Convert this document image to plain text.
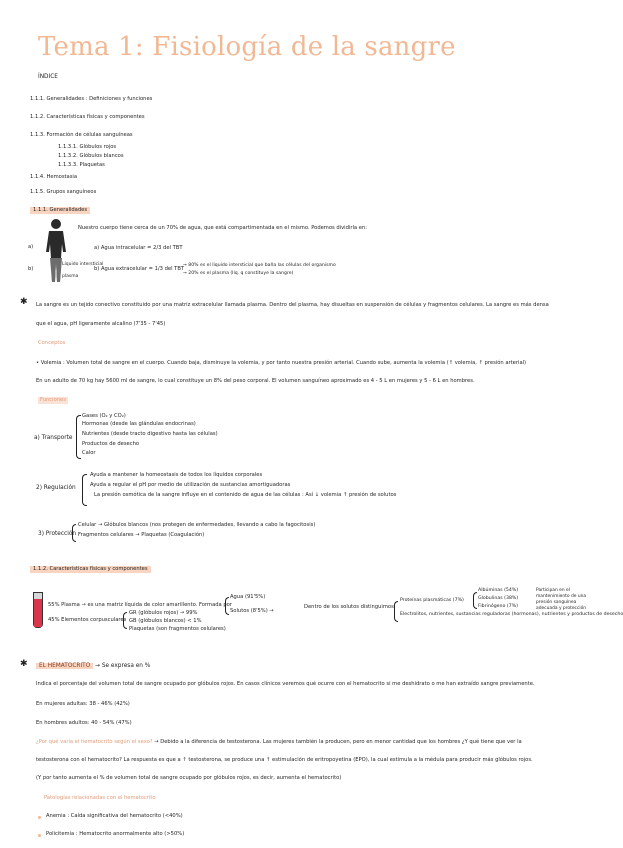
Tema 1: Fisiología de la sangre
ÍNDICE
1.1.1. Generalidades : Definiciones y funciones
1.1.2. Características físicas y componentes
1.1.3. Formación de células sanguíneas
1.1.3.1. Glóbulos rojos
1.1.3.2. Glóbulos blancos
1.1.3.3. Plaquetas
1.1.4. Hemostasia
1.1.5. Grupos sanguíneos
1.1.1. Generalidades
a)
b)
Líquido intersticial
plasma
Nuestro cuerpo tiene cerca de un 70% de agua, que está compartimentada en el mismo. Podemos dividirla en:
a) Agua intracelular = 2/3 del TBT
b) Agua extracelular = 1/3 del TBT
→ 80% es el líquido intersticial que baña las células del organismo
→ 20% es el plasma (líq. q constituye la sangre)
✱ La sangre es un tejido conectivo constituido por una matriz extracelular llamada plasma. Dentro del plasma, hay disueltas en suspensión de células y fragmentos celulares. La sangre es más densa
que el agua, pH ligeramente alcalino (7'35 - 7'45)
Conceptos
• Volemia : Volumen total de sangre en el cuerpo. Cuando baja, disminuye la volemia, y por tanto nuestra presión arterial. Cuando sube, aumenta la volemia (↑ volemia, ↑ presión arterial)
En un adulto de 70 kg hay 5600 ml de sangre, lo cual constituye un 8% del peso corporal. El volumen sanguíneo aproximado es 4 - 5 L en mujeres y 5 - 6 L en hombres.
Funciones
a) Transporte
Gases (O₂ y CO₂)
Hormonas (desde las glándulas endocrinas)
Nutrientes (desde tracto digestivo hasta las células)
Productos de desecho
Calor
2) Regulación
Ayuda a mantener la homeostasis de todos los líquidos corporales
Ayuda a regular el pH por medio de utilización de sustancias amortiguadoras
La presión osmótica de la sangre influye en el contenido de agua de las células : Así ↓ volemia ↑ presión de solutos
3) Protección
Celular → Glóbulos blancos (nos protegen de enfermedades, llevando a cabo la fagocitosis)
Fragmentos celulares → Plaquetas (Coagulación)
1.1.2. Características físicas y componentes
55% Plasma → es una matriz líquida de color amarillento. Formada por
45% Elementos corpusculares
GR (glóbulos rojos) → 99%
GB (glóbulos blancos) < 1%
Plaquetas (son fragmentos celulares)
Agua (91'5%)
Solutos (8'5%) →
Dentro de los solutos distinguimos:
Proteínas plasmáticas (7%)
Electrolitos, nutrientes, sustancias reguladoras (hormonas), nutrientes y productos de desecho
Albúminas (54%)
Globulinas (38%)
Fibrinógeno (7%)
Participan en el mantenimiento de una presión sanguínea adecuada y protección
✱	EL HEMATOCRITO → Se expresa en %
Indica el porcentaje del volumen total de sangre ocupado por glóbulos rojos. En casos clínicos veremos qué ocurre con el hematocrito si me deshidrato o me han extraído sangre previamente.
En mujeres adultas: 38 - 46% (42%)
En hombres adultos: 40 - 54% (47%)
¿Por qué varía el hematocrito según el sexo? → Debido a la diferencia de testosterona. Las mujeres también la producen, pero en menor cantidad que los hombres ¿Y qué tiene que ver la
testosterona con el hematocrito? La respuesta es que a ↑ testosterona, se produce una ↑ estimulación de eritropoyetina (EPO), la cual estimula a la médula para producir más glóbulos rojos.
(Y por tanto aumenta el % de volumen total de sangre ocupado por glóbulos rojos, es decir, aumenta el hematocrito)
Patologías relacionadas con el hematocrito
Anemia : Caída significativa del hematocrito (<40%)
Policitemia : Hematocrito anormalmente alto (>50%)
